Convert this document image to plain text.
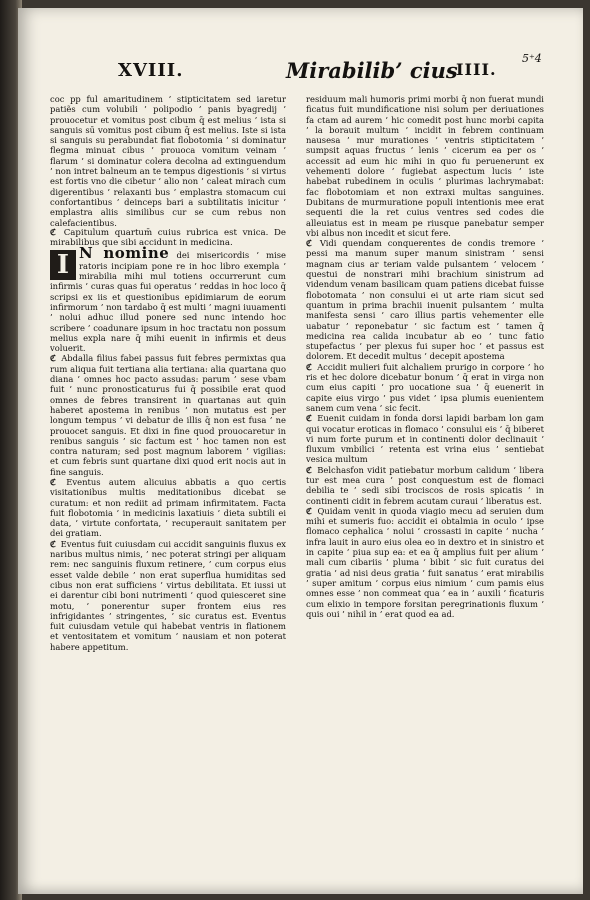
XVIII.	Mirabilib’ cius
IIII.
5⁺4

coc pp ful amaritudinem ’ stipticitatem sed iaretur patiẽs cum volubili ’ polipodio ’ panis byagredij ’ prouocetur et vomitus post cibum q̄ est melius ’ ista si sanguis sū vomitus post cibum q̄ est melius. Iste si ista si sanguis su perabundat fiat flobotomia ’ si dominatur flegma minuat cibus ’ prouoca vomitum veinam ’ flarum ’ si dominatur colera decolna ad extinguendum ’ non intret balneum an te tempus digestionis ’ si virtus est fortis vno die cibetur ’ alio non ’ caleat mirach cum digerentibus ’ relaxanti bus ’ emplastra stomacum cui confortantibus ’ deinceps bari a subtilitatis inicitur ’ emplastra aliis similibus cur se cum rebus non calefacientibus.

ℭ Capitulum quartum̄ cuius rubrica est vnica. De mirabilibus que sibi accidunt in medicina.

I N nomine dei misericordis ’ mise ratoris incipiam pone re in hoc libro exempla ’ mirabilia mihi mul totiens occurrerunt cum infirmis ’ curas quas fui operatus ’ reddas in hoc loco q̄ scripsi ex iis et questionibus epidimiarum de eorum infirmorum ’ non tardabo q̄ est multi ’ magni iuuamenti ’ nolui adhuc illud ponere sed nunc intendo hoc scribere ’ coadunare ipsum in hoc tractatu non possum melius expla nare q̄ mihi euenit in infirmis et deus voluerit.

ℭ Abdalla filius fabei passus fuit febres permixtas qua rum aliqua fuit tertiana alia tertiana: alia quartana quo diana ’ omnes hoc pacto assudas: parum ’ sese vbam fuit ’ nunc pronosticaturus fui q̄ possibile erat quod omnes de febres transirent in quartanas aut quin haberet apostema in renibus ’ non mutatus est per longum tempus ’ vi debatur de illis q̄ non est fusa ’ ne prouocet sanguis. Et dixi in fine quod prouocaretur in renibus sanguis ’ sic factum est ’ hoc tamen non est contra naturam; sed post magnum laborem ’ vigilias: et cum febris sunt quartane dixi quod erit nocis aut in fine sanguis.

ℭ Eventus autem alicuius abbatis a quo certis visitationibus multis meditationibus dicebat se curatum: et non rediit ad primam infirmitatem. Facta fuit flobotomia ’ in medicinis laxatiuis ’ dieta subtili ei data, ’ virtute confortata, ’ recuperauit sanitatem per dei gratiam.

ℭ Eventus fuit cuiusdam cui accidit sanguinis fluxus ex naribus multus nimis, ’ nec poterat stringi per aliquam rem: nec sanguinis fluxum retinere, ’ cum corpus eius esset valde debile ’ non erat superflua humiditas sed cibus non erat sufficiens ’ virtus debilitata. Et iussi ut ei darentur cibi boni nutrimenti ’ quod quiesceret sine motu, ’ ponerentur super frontem eius res infrigidantes ’ stringentes, ’ sic curatus est. Eventus fuit cuiusdam vetule qui habebat ventris in flationem et ventositatem et vomitum ’ nausiam et non poterat habere appetitum.

residuum mali humoris primi morbi q̄ non fuerat mundi ficatus fuit mundificatione nisi solum per deriuationes fa ctam ad aurem ’ hic comedit post hunc morbi capita ’ la borauit multum ’ incidit in febrem continuam nausesa ’ mur murationes ’ ventris stipticitatem ’ sumpsit aquas fructus ’ lenis ’ cicerum ea per os ’ accessit ad eum hic mihi in quo fu peruenerunt ex vehementi dolore ’ fugiebat aspectum lucis ’ iste habebat rubedinem in oculis ’ plurimas lachrymabat: fac flobotomiam et non extraxi multas sanguines. Dubitans de murmuratione populi intentionis mee erat sequenti die la ret cuius ventres sed codes die alleuiatus est in meam pe riusque panebatur semper vbi albus non incedit et sicut fere.

ℭ Vidi quendam conquerentes de condis tremore ’ pessi ma manum super manum sinistram ’ sensi magnam cius ar teriam valde pulsantem ’ velocem ’ questui de nonstrari mihi brachium sinistrum ad videndum venam basilicam quam patiens dicebat fuisse flobotomata ’ non consului ei ut arte riam sicut sed quantum in prima brachii inuenit pulsantem ’ multa manifesta sensi ’ caro illius partis vehementer elle uabatur ’ reponebatur ’ sic factum est ’ tamen q̄ medicina rea calida incubatur ab eo ’ tunc fatio stupefactus ’ per plexus fui super hoc ’ et passus est dolorem. Et decedit multus ’ decepit apostema

ℭ Accidit mulieri fuit alchaliem prurigo in corpore ’ ho ris et hec dolore dicebatur bonum ’ q̄ erat in virga non cum eius capiti ’ pro uocatione sua ’ q̄ euenerit in capite eius virgo ’ pus videt ’ ipsa plumis euenientem sanem cum vena ’ sic fecit.

ℭ Euenit cuidam in fonda dorsi lapidi barbam lon gam qui vocatur eroticas in flomaco ’ consului eis ’ q̄ biberet vi num forte purum et in continenti dolor declinauit ’ fluxum vmbilici ’ retenta est vrina eius ’ sentiebat vesica multum

ℭ Belchasfon vidit patiebatur morbum calidum ’ libera tur est mea cura ’ post conquestum est de flomaci debilia te ’ sedi sibi trociscos de rosis spicatis ’ in continenti cidit in febrem acutam curaui ’ liberatus est.

ℭ Quidam venit in quoda viagio mecu ad seruien dum mihi et sumeris fuo: accidit ei obtalmia in oculo ’ ipse flomaco cephalica ’ nolui ’ crossasti in capite ’ nucha ’ infra lauit in auro eius olea eo in dextro et in sinistro et in capite ’ piua sup ea: et ea q̄ amplius fuit per alium ’ mali cum cibariis ’ pluma ’ bibit ’ sic fuit curatus dei gratia ’ ad nisi deus gratia ’ fuit sanatus ’ erat mirabilis ’ super amitum ’ corpus eius nimium ’ cum pamis eius omnes esse ’ non commeat qua ’ ea in ’ auxili ’ ficaturis cum elixio in tempore forsitan peregrinationis fluxum ’ quis oui ’ nihil in ’ erat quod ea ad.
